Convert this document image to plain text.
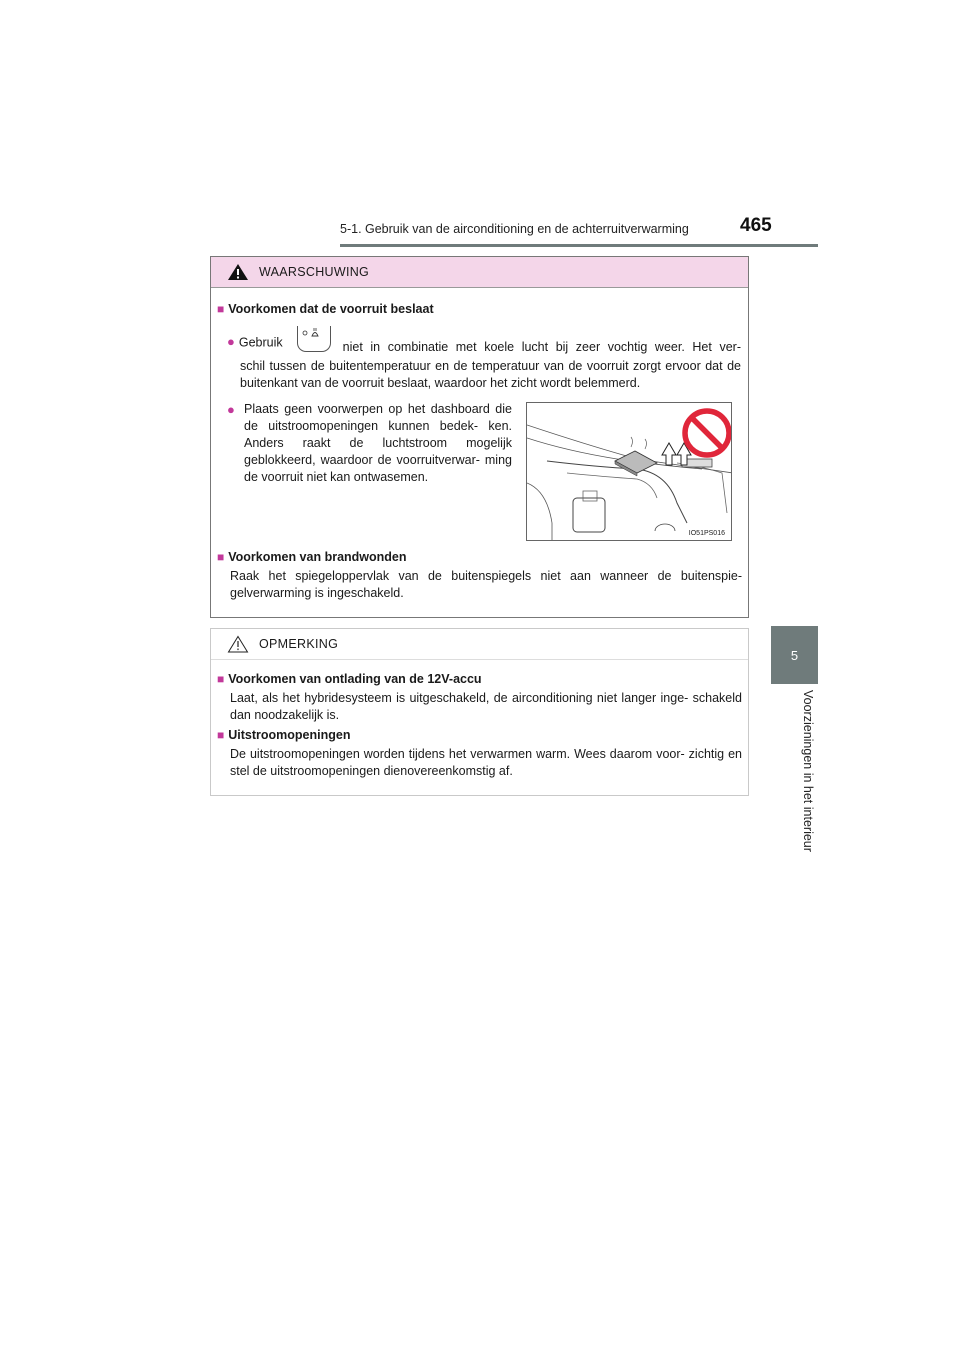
5-1. Gebruik van de airconditioning en de achterruitverwarming	465
5
Voorzieningen in het interieur
WAARSCHUWING
■ Voorkomen dat de voorruit beslaat
● Gebruik	niet in combinatie met koele lucht bij zeer vochtig weer. Het ver-
schil tussen de buitentemperatuur en de temperatuur van de voorruit zorgt ervoor dat de buitenkant van de voorruit beslaat, waardoor het zicht wordt belemmerd.
● Plaats geen voorwerpen op het dashboard die de uitstroomopeningen kunnen bedek- ken. Anders raakt de luchtstroom mogelijk geblokkeerd, waardoor de voorruitverwar- ming de voorruit niet kan ontwasemen.
IO51PS016
■ Voorkomen van brandwonden
Raak het spiegeloppervlak van de buitenspiegels niet aan wanneer de buitenspie- gelverwarming is ingeschakeld.
OPMERKING
■ Voorkomen van ontlading van de 12V-accu
Laat, als het hybridesysteem is uitgeschakeld, de airconditioning niet langer inge- schakeld dan noodzakelijk is.
■ Uitstroomopeningen
De uitstroomopeningen worden tijdens het verwarmen warm. Wees daarom voor- zichtig en stel de uitstroomopeningen dienovereenkomstig af.
